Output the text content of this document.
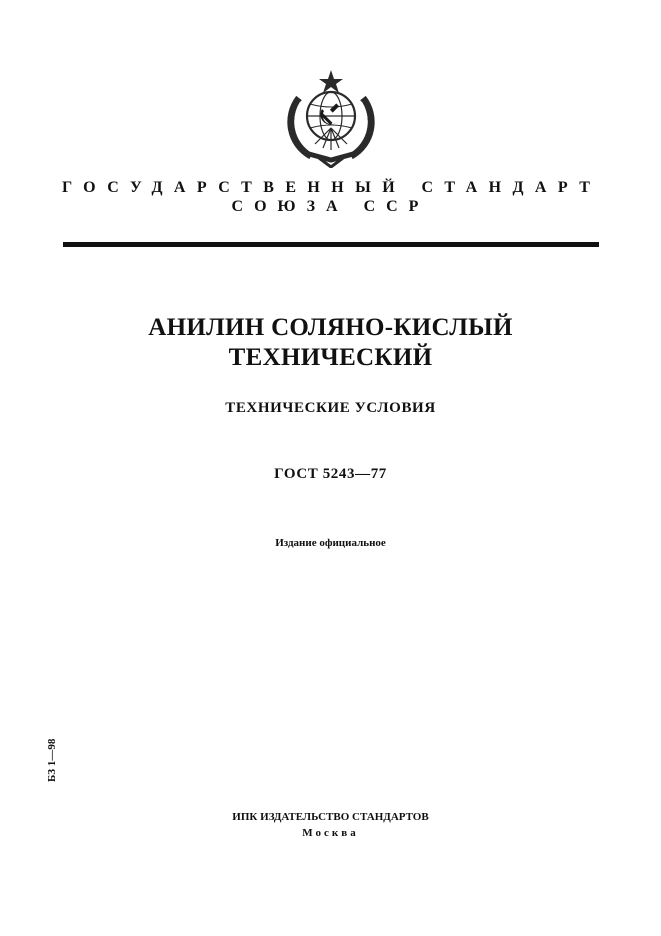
ГОСУДАРСТВЕННЫЙ СТАНДАРТ
СОЮЗА ССР
АНИЛИН СОЛЯНО-КИСЛЫЙ
ТЕХНИЧЕСКИЙ
ТЕХНИЧЕСКИЕ УСЛОВИЯ
ГОСТ 5243—77
Издание официальное
БЗ 1—98
ИПК ИЗДАТЕЛЬСТВО СТАНДАРТОВ
Москва
